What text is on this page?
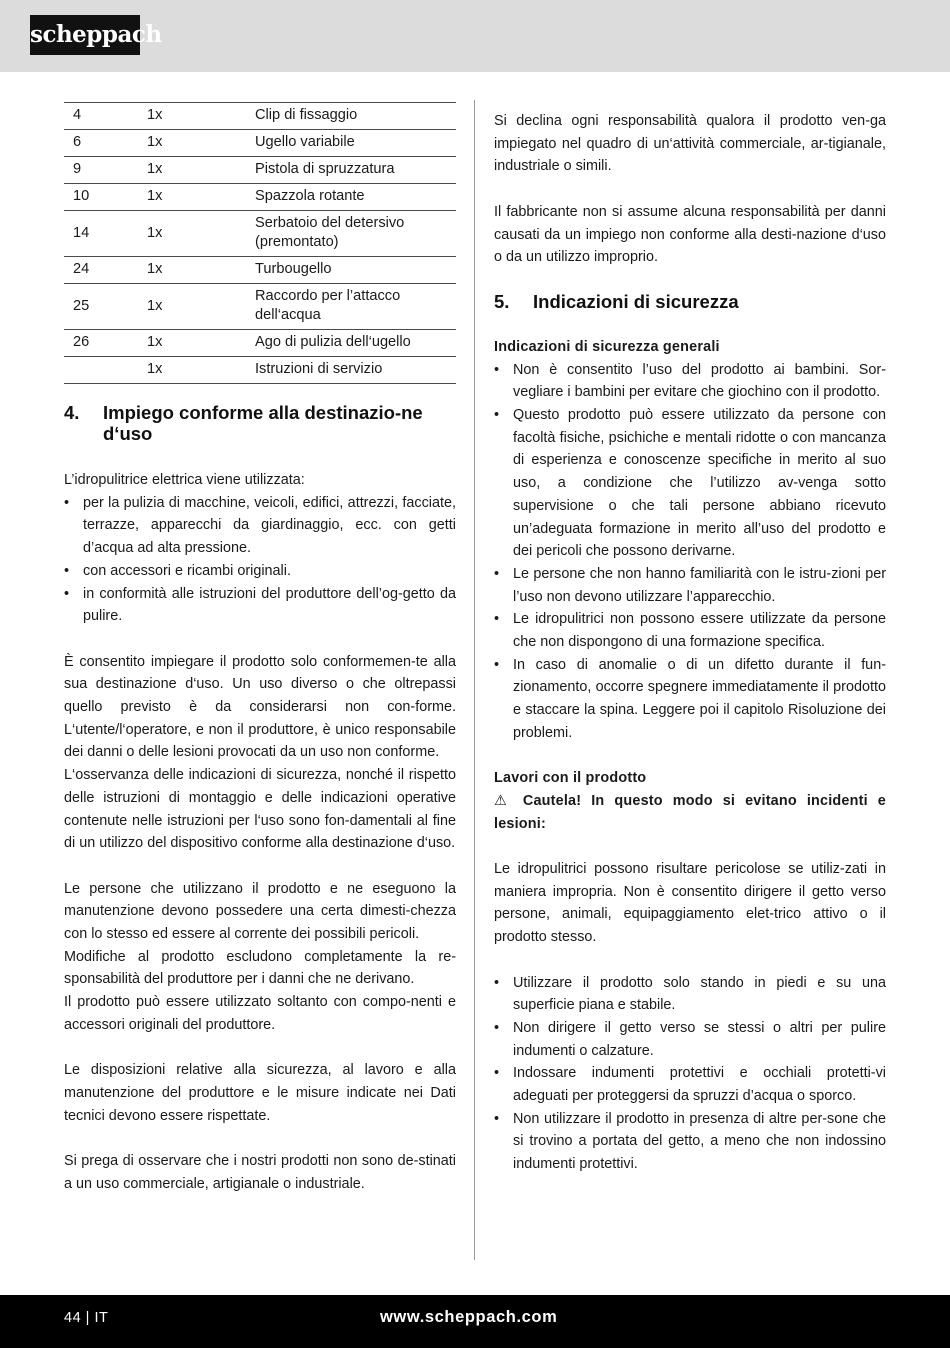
scheppach
4	1x	Clip di fissaggio
6	1x	Ugello variabile
9	1x	Pistola di spruzzatura
10	1x	Spazzola rotante
14	1x	Serbatoio del detersivo (premontato)
24	1x	Turbougello
25	1x	Raccordo per l’attacco dell‘acqua
26	1x	Ago di pulizia dell‘ugello
	1x	Istruzioni di servizio
4.	Impiego conforme alla destinazio-ne d‘uso

L’idropulitrice elettrica viene utilizzata:

• per la pulizia di macchine, veicoli, edifici, attrezzi, facciate, terrazze, apparecchi da giardinaggio, ecc. con getti d’acqua ad alta pressione.
• con accessori e ricambi originali.
• in conformità alle istruzioni del produttore dell’og-getto da pulire.

È consentito impiegare il prodotto solo conformemen-te alla sua destinazione d‘uso. Un uso diverso o che oltrepassi quello previsto è da considerarsi non con-forme. L‘utente/l‘operatore, e non il produttore, è unico responsabile dei danni o delle lesioni provocati da un uso non conforme.

L‘osservanza delle indicazioni di sicurezza, nonché il rispetto delle istruzioni di montaggio e delle indicazioni operative contenute nelle istruzioni per l‘uso sono fon-damentali al fine di un utilizzo del dispositivo conforme alla destinazione d‘uso.

Le persone che utilizzano il prodotto e ne eseguono la manutenzione devono possedere una certa dimesti-chezza con lo stesso ed essere al corrente dei possibili pericoli.

Modifiche al prodotto escludono completamente la re-sponsabilità del produttore per i danni che ne derivano.

Il prodotto può essere utilizzato soltanto con compo-nenti e accessori originali del produttore.

Le disposizioni relative alla sicurezza, al lavoro e alla manutenzione del produttore e le misure indicate nei Dati tecnici devono essere rispettate.

Si prega di osservare che i nostri prodotti non sono de-stinati a un uso commerciale, artigianale o industriale.

Si declina ogni responsabilità qualora il prodotto ven-ga impiegato nel quadro di un‘attività commerciale, ar-tigianale, industriale o simili.

Il fabbricante non si assume alcuna responsabilità per danni causati da un impiego non conforme alla desti-nazione d‘uso o da un utilizzo improprio.

5.	Indicazioni di sicurezza
Indicazioni di sicurezza generali
• Non è consentito l’uso del prodotto ai bambini. Sor-vegliare i bambini per evitare che giochino con il prodotto.
• Questo prodotto può essere utilizzato da persone con facoltà fisiche, psichiche e mentali ridotte o con mancanza di esperienza e conoscenze specifiche in merito al suo uso, a condizione che l’utilizzo av-venga sotto supervisione o che tali persone abbiano ricevuto un’adeguata formazione in merito all’uso del prodotto e dei pericoli che possono derivarne.
• Le persone che non hanno familiarità con le istru-zioni per l’uso non devono utilizzare l’apparecchio.
• Le idropulitrici non possono essere utilizzate da persone che non dispongono di una formazione specifica.
• In caso di anomalie o di un difetto durante il fun-zionamento, occorre spegnere immediatamente il prodotto e staccare la spina. Leggere poi il capitolo Risoluzione dei problemi.
Lavori con il prodotto

⚠ Cautela! In questo modo si evitano incidenti e lesioni:

Le idropulitrici possono risultare pericolose se utiliz-zati in maniera impropria. Non è consentito dirigere il getto verso persone, animali, equipaggiamento elet-trico attivo o il prodotto stesso.

• Utilizzare il prodotto solo stando in piedi e su una superficie piana e stabile.
• Non dirigere il getto verso se stessi o altri per pulire indumenti o calzature.
• Indossare indumenti protettivi e occhiali protetti-vi adeguati per proteggersi da spruzzi d’acqua o sporco.
• Non utilizzare il prodotto in presenza di altre per-sone che si trovino a portata del getto, a meno che non indossino indumenti protettivi.
44 | IT	www.scheppach.com
